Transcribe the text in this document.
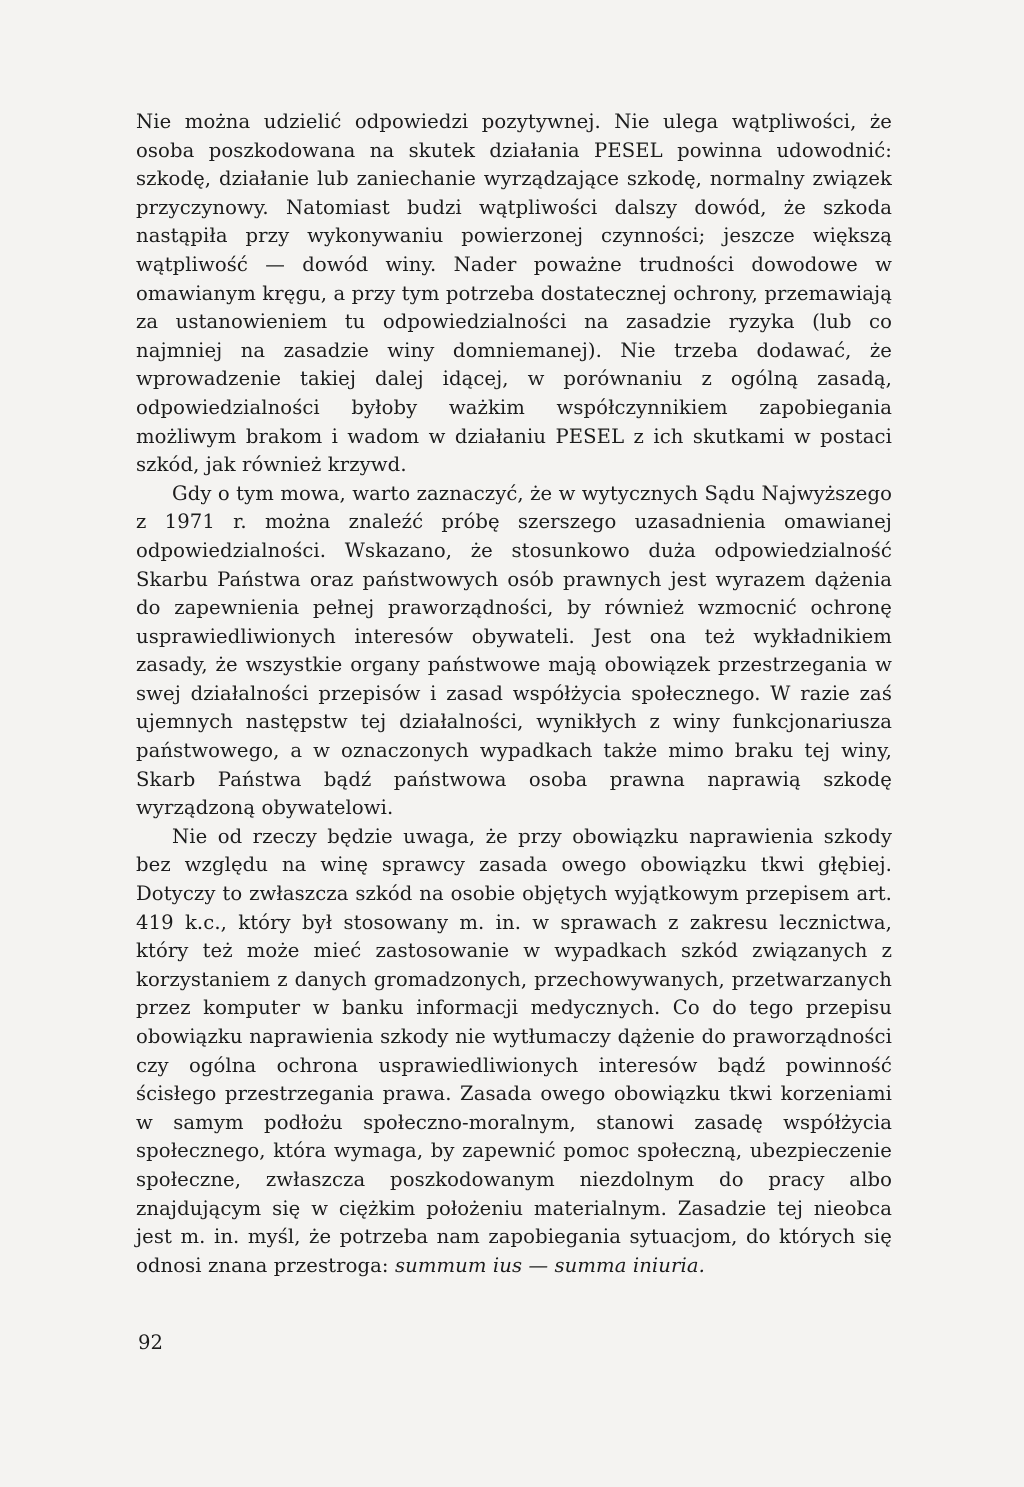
Nie można udzielić odpowiedzi pozytywnej. Nie ulega wątpliwości, że osoba poszkodowana na skutek działania PESEL powinna udowodnić: szkodę, działanie lub zaniechanie wyrządzające szkodę, normalny związek przyczynowy. Natomiast budzi wątpliwości dalszy dowód, że szkoda nastąpiła przy wykonywaniu powierzonej czynności; jeszcze większą wątpliwość — dowód winy. Nader poważne trudności dowodowe w omawianym kręgu, a przy tym potrzeba dostatecznej ochrony, przemawiają za ustanowieniem tu odpowiedzialności na zasadzie ryzyka (lub co najmniej na zasadzie winy domniemanej). Nie trzeba dodawać, że wprowadzenie takiej dalej idącej, w porównaniu z ogólną zasadą, odpowiedzialności byłoby ważkim współczynnikiem zapobiegania możliwym brakom i wadom w działaniu PESEL z ich skutkami w postaci szkód, jak również krzywd.

Gdy o tym mowa, warto zaznaczyć, że w wytycznych Sądu Najwyższego z 1971 r. można znaleźć próbę szerszego uzasadnienia omawianej odpowiedzialności. Wskazano, że stosunkowo duża odpowiedzialność Skarbu Państwa oraz państwowych osób prawnych jest wyrazem dążenia do zapewnienia pełnej praworządności, by również wzmocnić ochronę usprawiedliwionych interesów obywateli. Jest ona też wykładnikiem zasady, że wszystkie organy państwowe mają obowiązek przestrzegania w swej działalności przepisów i zasad współżycia społecznego. W razie zaś ujemnych następstw tej działalności, wynikłych z winy funkcjonariusza państwowego, a w oznaczonych wypadkach także mimo braku tej winy, Skarb Państwa bądź państwowa osoba prawna naprawią szkodę wyrządzoną obywatelowi.

Nie od rzeczy będzie uwaga, że przy obowiązku naprawienia szkody bez względu na winę sprawcy zasada owego obowiązku tkwi głębiej. Dotyczy to zwłaszcza szkód na osobie objętych wyjątkowym przepisem art. 419 k.c., który był stosowany m. in. w sprawach z zakresu lecznictwa, który też może mieć zastosowanie w wypadkach szkód związanych z korzystaniem z danych gromadzonych, przechowywanych, przetwarzanych przez komputer w banku informacji medycznych. Co do tego przepisu obowiązku naprawienia szkody nie wytłumaczy dążenie do praworządności czy ogólna ochrona usprawiedliwionych interesów bądź powinność ścisłego przestrzegania prawa. Zasada owego obowiązku tkwi korzeniami w samym podłożu społeczno-moralnym, stanowi zasadę współżycia społecznego, która wymaga, by zapewnić pomoc społeczną, ubezpieczenie społeczne, zwłaszcza poszkodowanym niezdolnym do pracy albo znajdującym się w ciężkim położeniu materialnym. Zasadzie tej nieobca jest m. in. myśl, że potrzeba nam zapobiegania sytuacjom, do których się odnosi znana przestroga: summum ius — summa iniuria.

92
